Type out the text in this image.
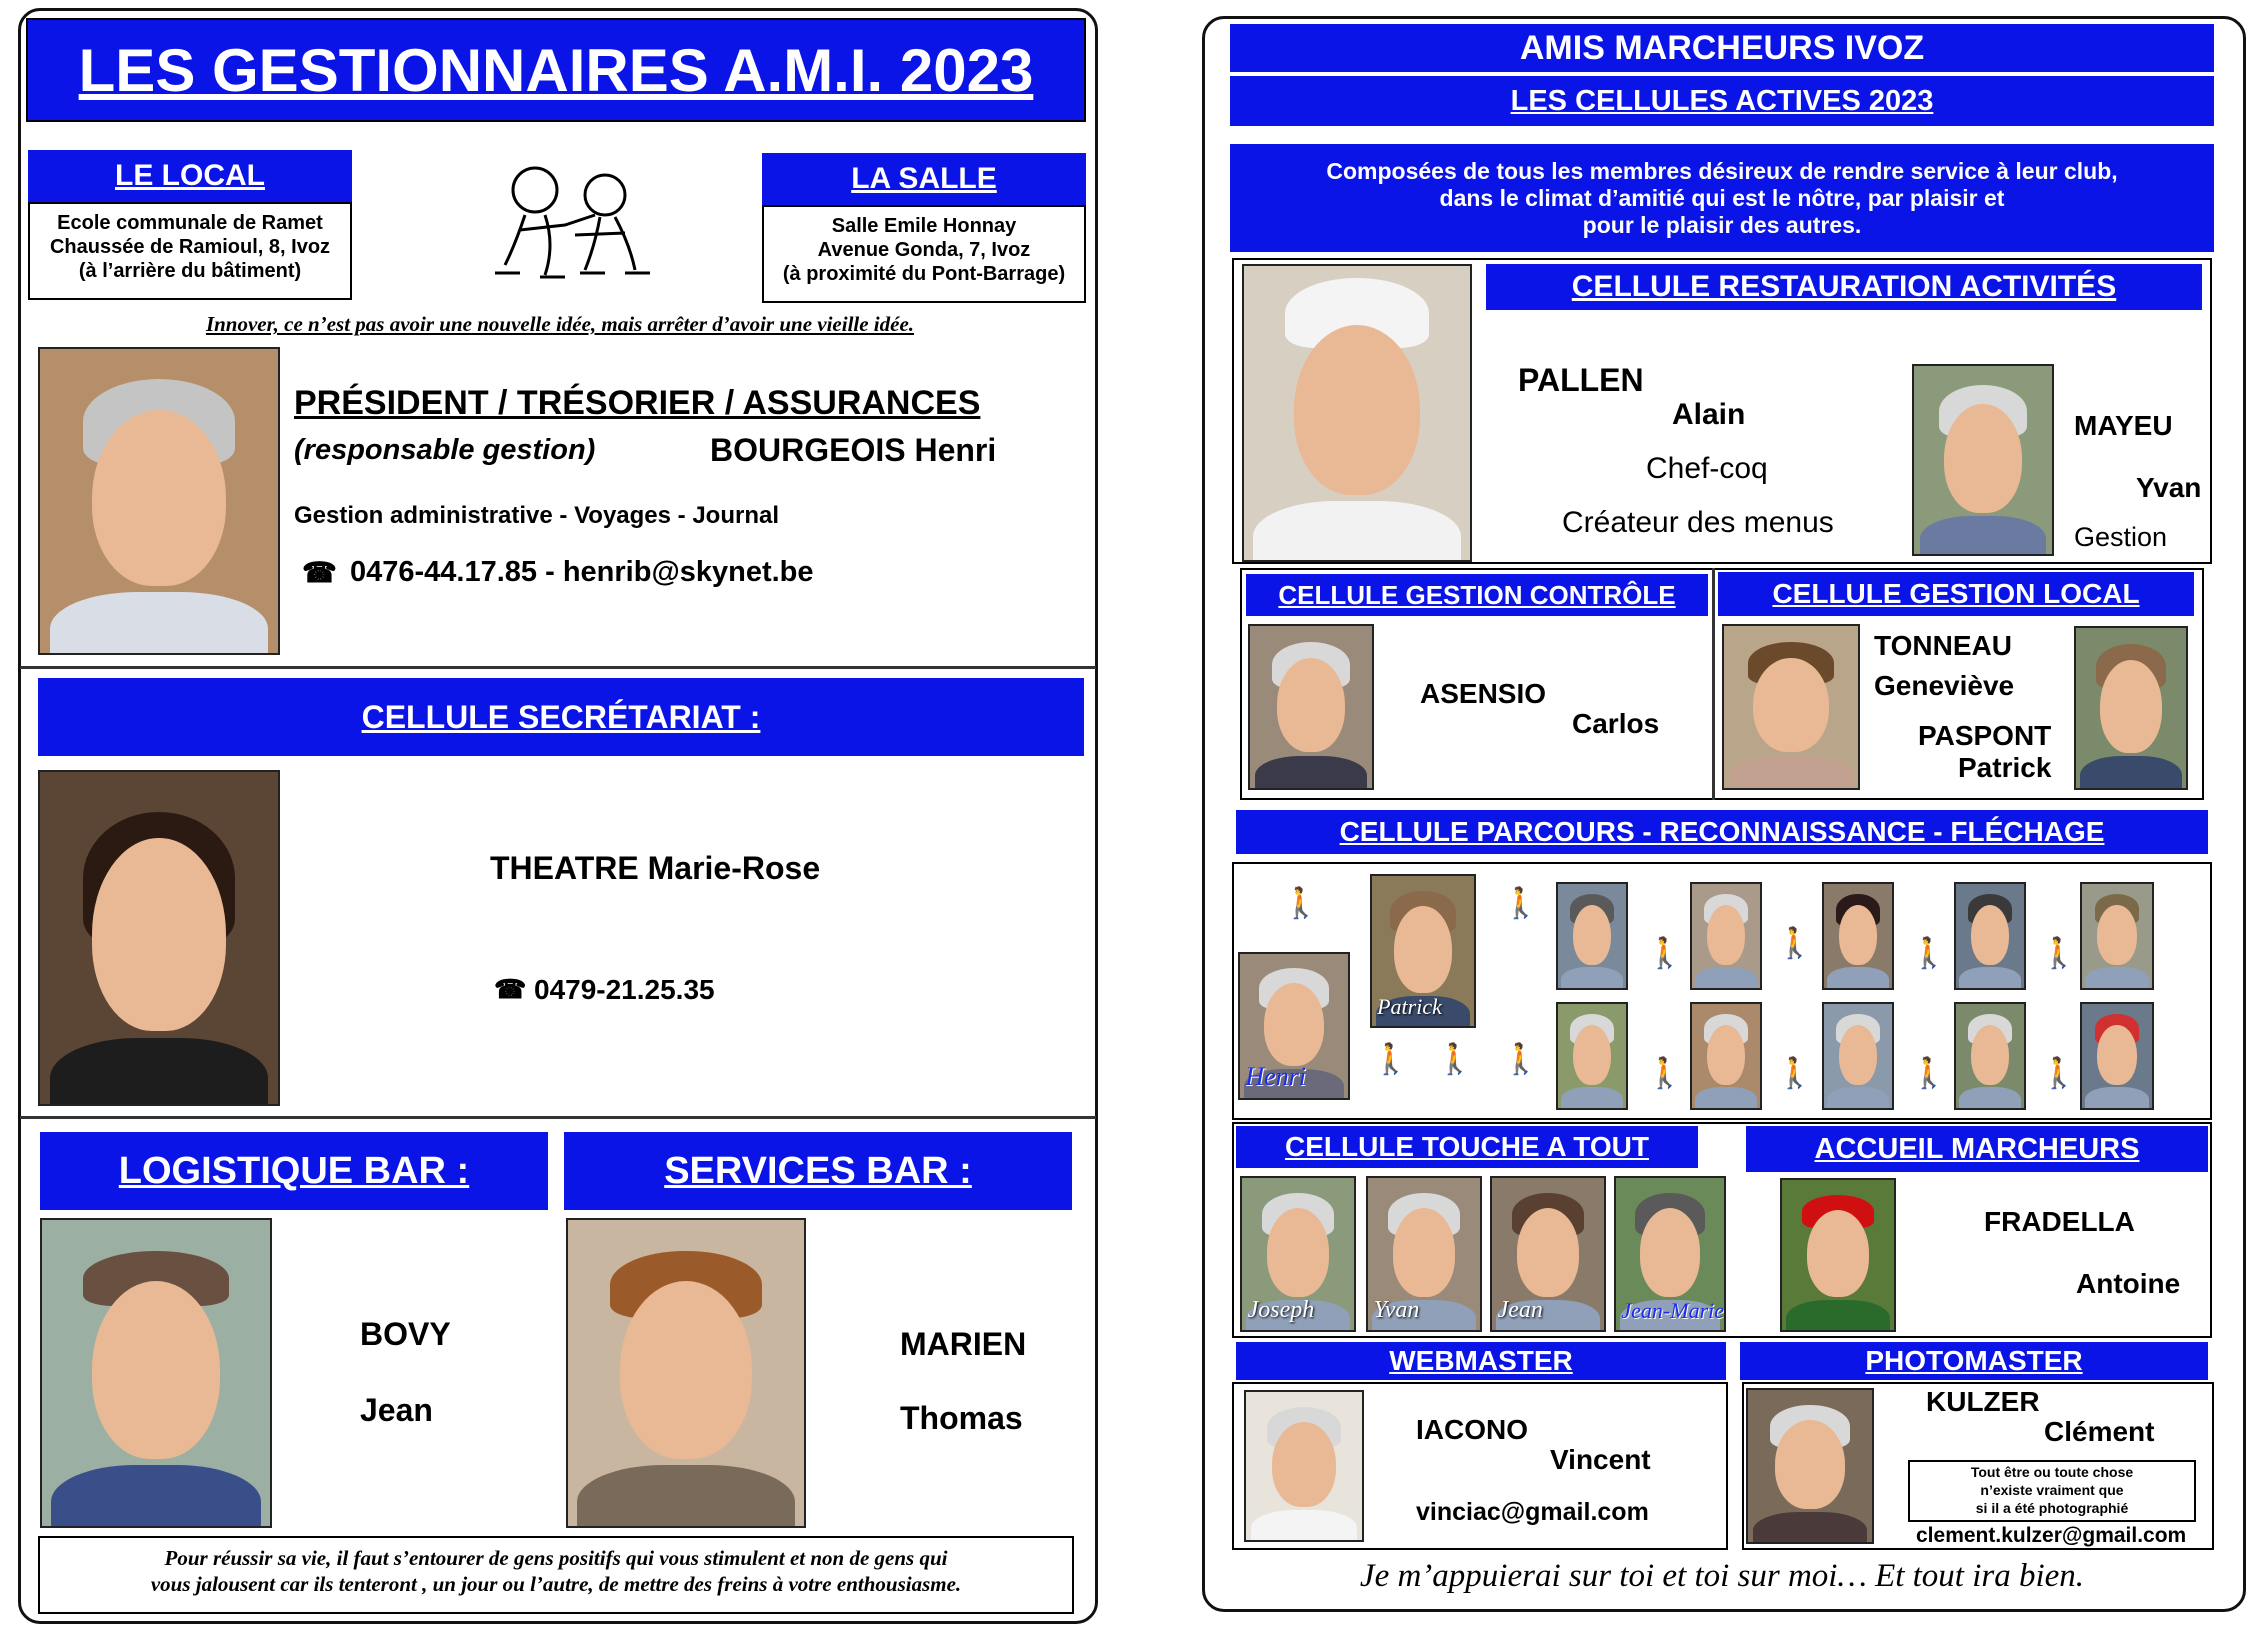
LES GESTIONNAIRES A.M.I. 2023
LE LOCAL
Ecole communale de Ramet
Chaussée de Ramioul, 8, Ivoz
(à l’arrière du bâtiment)
LA SALLE
Salle Emile Honnay
Avenue Gonda, 7, Ivoz
(à proximité du Pont-Barrage)
Innover, ce n’est pas avoir une nouvelle idée, mais arrêter d’avoir une vieille idée.
PRÉSIDENT / TRÉSORIER / ASSURANCES
(responsable gestion)	BOURGEOIS Henri
Gestion administrative - Voyages - Journal
☎ 0476-44.17.85 - henrib@skynet.be
CELLULE SECRÉTARIAT :
THEATRE Marie-Rose
☎ 0479-21.25.35
LOGISTIQUE BAR :	SERVICES BAR :
BOVY
Jean
MARIEN
Thomas
Pour réussir sa vie, il faut s’entourer de gens positifs qui vous stimulent et non de gens qui
vous jalousent car ils tenteront , un jour ou l’autre, de mettre des freins à votre enthousiasme.
AMIS MARCHEURS IVOZ
LES CELLULES ACTIVES 2023
Composées de tous les membres désireux de rendre service à leur club,
dans le climat d’amitié qui est le nôtre, par plaisir et
pour le plaisir des autres.
CELLULE RESTAURATION ACTIVITÉS
PALLEN
Alain
Chef-coq
Créateur des menus
MAYEU
Yvan
Gestion
CELLULE GESTION CONTRÔLE
ASENSIO
Carlos
CELLULE GESTION LOCAL
TONNEAU
Geneviève
PASPONT
Patrick
CELLULE PARCOURS - RECONNAISSANCE - FLÉCHAGE
Henri
Patrick
🚶	🚶
🚶	🚶	🚶	🚶
🚶 🚶 🚶	🚶	🚶	🚶	🚶
CELLULE TOUCHE A TOUT
Joseph Yvan	Jean	Jean-Marie
ACCUEIL MARCHEURS
FRADELLA
Antoine
WEBMASTER	PHOTOMASTER
IACONO
Vincent
vinciac@gmail.com
KULZER
Clément
Tout être ou toute chose
n’existe vraiment que
si il a été photographié
clement.kulzer@gmail.com
Je m’appuierai sur toi et toi sur moi… Et tout ira bien.
